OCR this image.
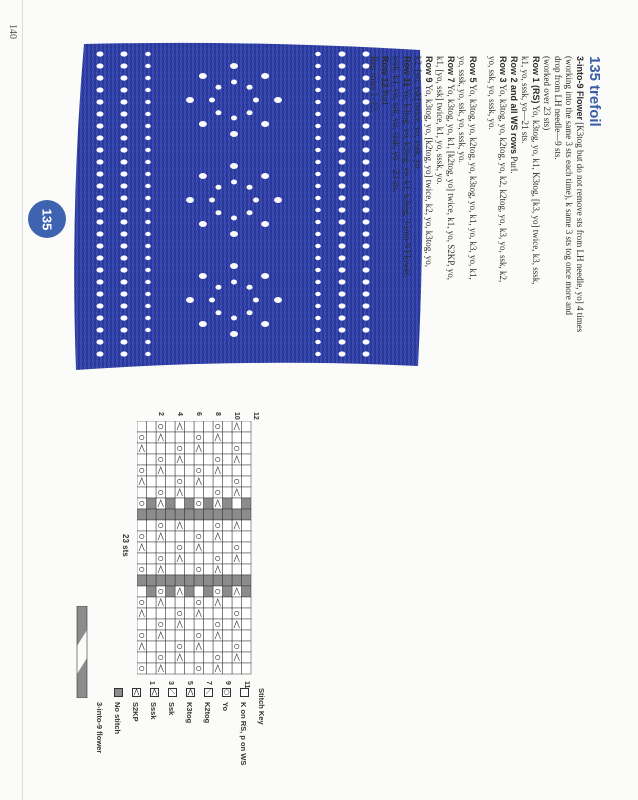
140
135
135 trefoil
3-into-9 Flower [K3tog but do not remove sts from LH needle, yo] 4 times
(working into the same 3 sts each time), k same 3 sts tog once more and
drop from LH needle—9 sts.
(worked over 23 sts)
Row 1 (RS) Yo, k3tog, yo, k1, K3tog, [k3, yo] twice, k3, sssk,
k1, yo, sssk, yo—21 sts.
Row 2 and all WS rows Purl.
Row 3 Yo, k3tog, yo, k2tog, yo, k2, k2tog, yo, k3, yo, ssk, k2,
yo, ssk, yo, sssk, yo.
Row 5 Yo, k3tog, yo, k2tog, yo, k3tog, yo, k1, yo, k3, yo, k1,
yo, sssk, yo, ssk, yo, sssk, yo.
Row 7 Yo, k3tog, yo, k1, [k2tog, yo] twice, k1, yo, S2KP, yo,
k1, [yo, ssk] twice, k1, yo, sssk, yo.
Row 9 Yo, k3tog, yo, [k2tog, yo] twice, k2, yo, k3tog, yo,
k2, [yo, ssk] twice, yo, sssk, yo.
Row 11 Yo, k3tog, yo, k2tog, yo, k1, k3tog, 3-into-9 Flower,
sssk, k1, yo, ssk, yo, sssk, yo—23 sts.
Row 12 Purl.
Rep rows 1–12.
12
10
8
6
4
2
11
9
7
5
3
1
23 sts
Stitch Key
K on RS, p on WS
○
Yo
⟋
K2tog
⋀
K3tog
⟍
Ssk
⋀
Sssk
⋀
S2KP
No stitch
3-into-9 flower
